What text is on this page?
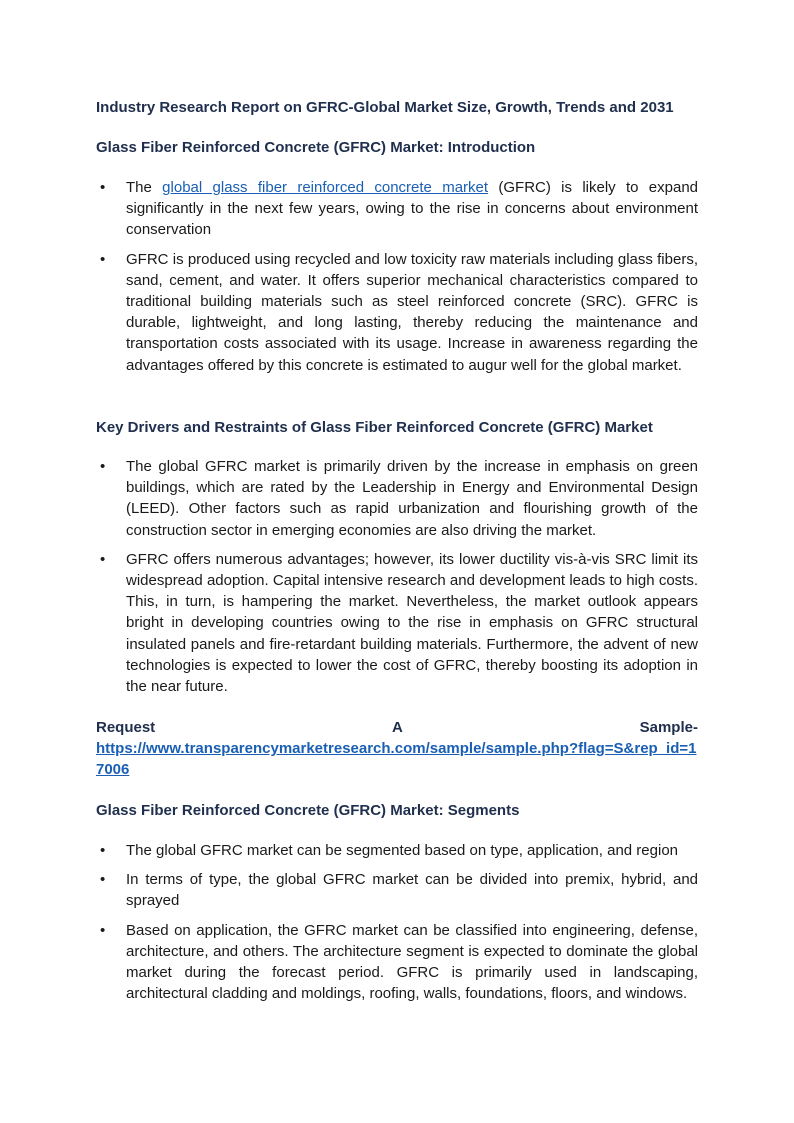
Industry Research Report on GFRC-Global Market Size, Growth, Trends and 2031
Glass Fiber Reinforced Concrete (GFRC) Market: Introduction
• The global glass fiber reinforced concrete market (GFRC) is likely to expand significantly in the next few years, owing to the rise in concerns about environment conservation
• GFRC is produced using recycled and low toxicity raw materials including glass fibers, sand, cement, and water. It offers superior mechanical characteristics compared to traditional building materials such as steel reinforced concrete (SRC). GFRC is durable, lightweight, and long lasting, thereby reducing the maintenance and transportation costs associated with its usage. Increase in awareness regarding the advantages offered by this concrete is estimated to augur well for the global market.
Key Drivers and Restraints of Glass Fiber Reinforced Concrete (GFRC) Market
• The global GFRC market is primarily driven by the increase in emphasis on green buildings, which are rated by the Leadership in Energy and Environmental Design (LEED). Other factors such as rapid urbanization and flourishing growth of the construction sector in emerging economies are also driving the market.
• GFRC offers numerous advantages; however, its lower ductility vis-à-vis SRC limit its widespread adoption. Capital intensive research and development leads to high costs. This, in turn, is hampering the market. Nevertheless, the market outlook appears bright in developing countries owing to the rise in emphasis on GFRC structural insulated panels and fire-retardant building materials. Furthermore, the advent of new technologies is expected to lower the cost of GFRC, thereby boosting its adoption in the near future.
Request	A	Sample-
https://www.transparencymarketresearch.com/sample/sample.php?flag=S&rep_id=17006
Glass Fiber Reinforced Concrete (GFRC) Market: Segments
• The global GFRC market can be segmented based on type, application, and region
• In terms of type, the global GFRC market can be divided into premix, hybrid, and sprayed
• Based on application, the GFRC market can be classified into engineering, defense, architecture, and others. The architecture segment is expected to dominate the global market during the forecast period. GFRC is primarily used in landscaping, architectural cladding and moldings, roofing, walls, foundations, floors, and windows.
